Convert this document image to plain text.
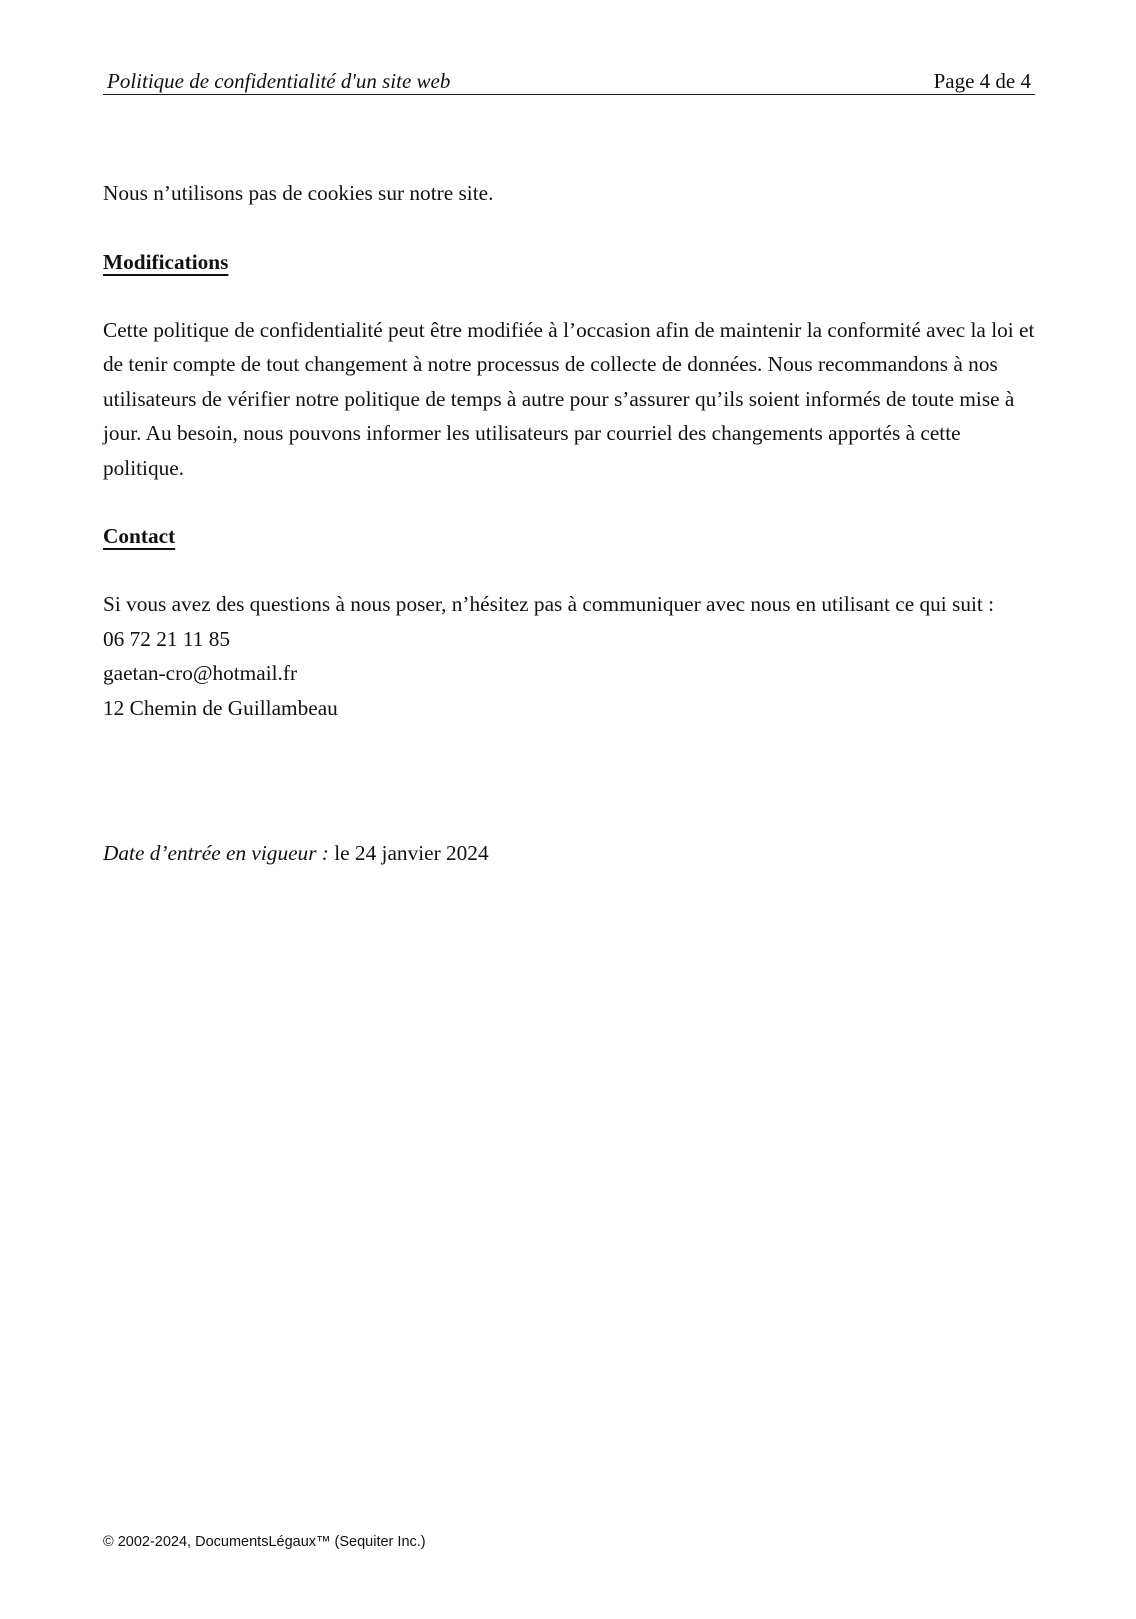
Politique de confidentialité d'un site web	Page 4 de 4

Nous n’utilisons pas de cookies sur notre site.

Modifications

Cette politique de confidentialité peut être modifiée à l’occasion afin de maintenir la conformité avec la loi et de tenir compte de tout changement à notre processus de collecte de données. Nous recommandons à nos utilisateurs de vérifier notre politique de temps à autre pour s’assurer qu’ils soient informés de toute mise à jour. Au besoin, nous pouvons informer les utilisateurs par courriel des changements apportés à cette politique.

Contact

Si vous avez des questions à nous poser, n’hésitez pas à communiquer avec nous en utilisant ce qui suit :

06 72 21 11 85
gaetan-cro@hotmail.fr
12 Chemin de Guillambeau
Date d’entrée en vigueur : le 24 janvier 2024
© 2002-2024, DocumentsLégaux™ (Sequiter Inc.)
